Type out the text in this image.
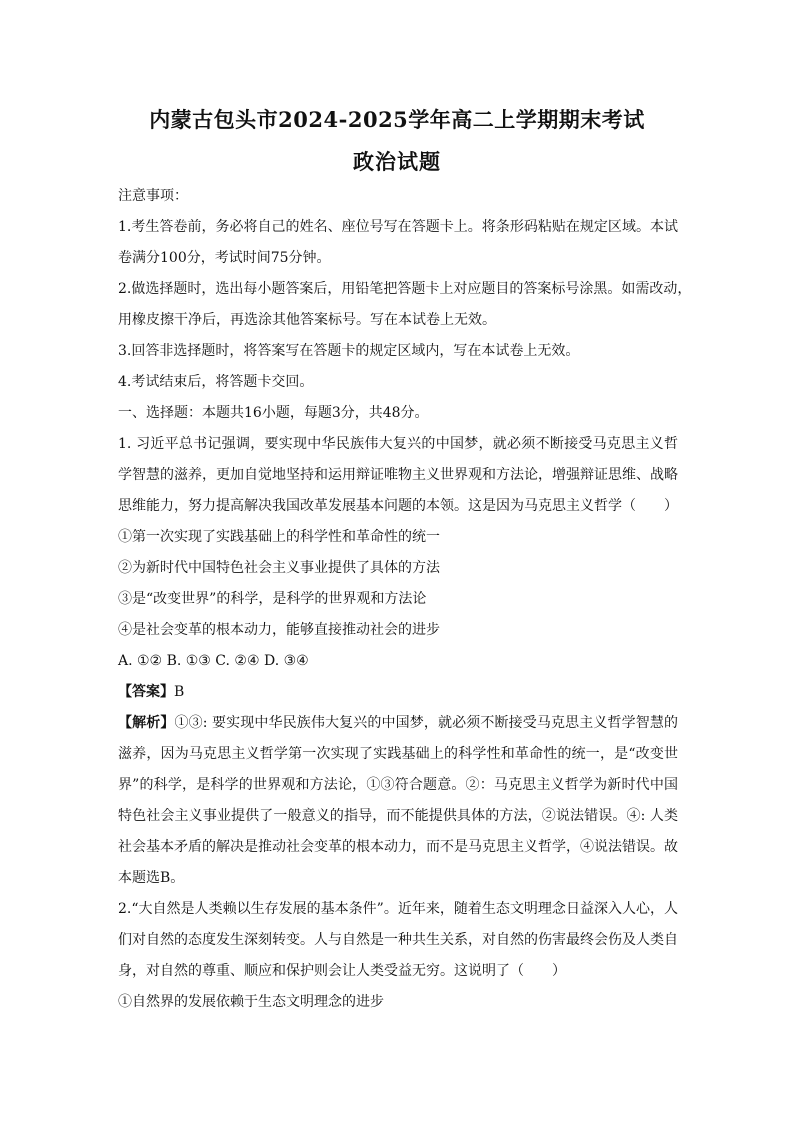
内蒙古包头市2024-2025学年高二上学期期末考试
政治试题
注意事项：
1.考生答卷前，务必将自己的姓名、座位号写在答题卡上。将条形码粘贴在规定区域。本试
卷满分100分，考试时间75分钟。
2.做选择题时，选出每小题答案后，用铅笔把答题卡上对应题目的答案标号涂黑。如需改动，
用橡皮擦干净后，再选涂其他答案标号。写在本试卷上无效。
3.回答非选择题时，将答案写在答题卡的规定区域内，写在本试卷上无效。
4.考试结束后，将答题卡交回。
一、选择题：本题共16小题，每题3分，共48分。
1. 习近平总书记强调，要实现中华民族伟大复兴的中国梦，就必须不断接受马克思主义哲
学智慧的滋养，更加自觉地坚持和运用辩证唯物主义世界观和方法论，增强辩证思维、战略
思维能力，努力提高解决我国改革发展基本问题的本领。这是因为马克思主义哲学（　　）
①第一次实现了实践基础上的科学性和革命性的统一
②为新时代中国特色社会主义事业提供了具体的方法
③是“改变世界”的科学，是科学的世界观和方法论
④是社会变革的根本动力，能够直接推动社会的进步
A. ①② B. ①③ C. ②④ D. ③④
【答案】B
【解析】①③: 要实现中华民族伟大复兴的中国梦，就必须不断接受马克思主义哲学智慧的
滋养，因为马克思主义哲学第一次实现了实践基础上的科学性和革命性的统一，是“改变世
界”的科学，是科学的世界观和方法论，①③符合题意。②：马克思主义哲学为新时代中国
特色社会主义事业提供了一般意义的指导，而不能提供具体的方法，②说法错误。④: 人类
社会基本矛盾的解决是推动社会变革的根本动力，而不是马克思主义哲学，④说法错误。故
本题选B。
2.“大自然是人类赖以生存发展的基本条件”。近年来，随着生态文明理念日益深入人心，人
们对自然的态度发生深刻转变。人与自然是一种共生关系，对自然的伤害最终会伤及人类自
身，对自然的尊重、顺应和保护则会让人类受益无穷。这说明了（　　）
①自然界的发展依赖于生态文明理念的进步
